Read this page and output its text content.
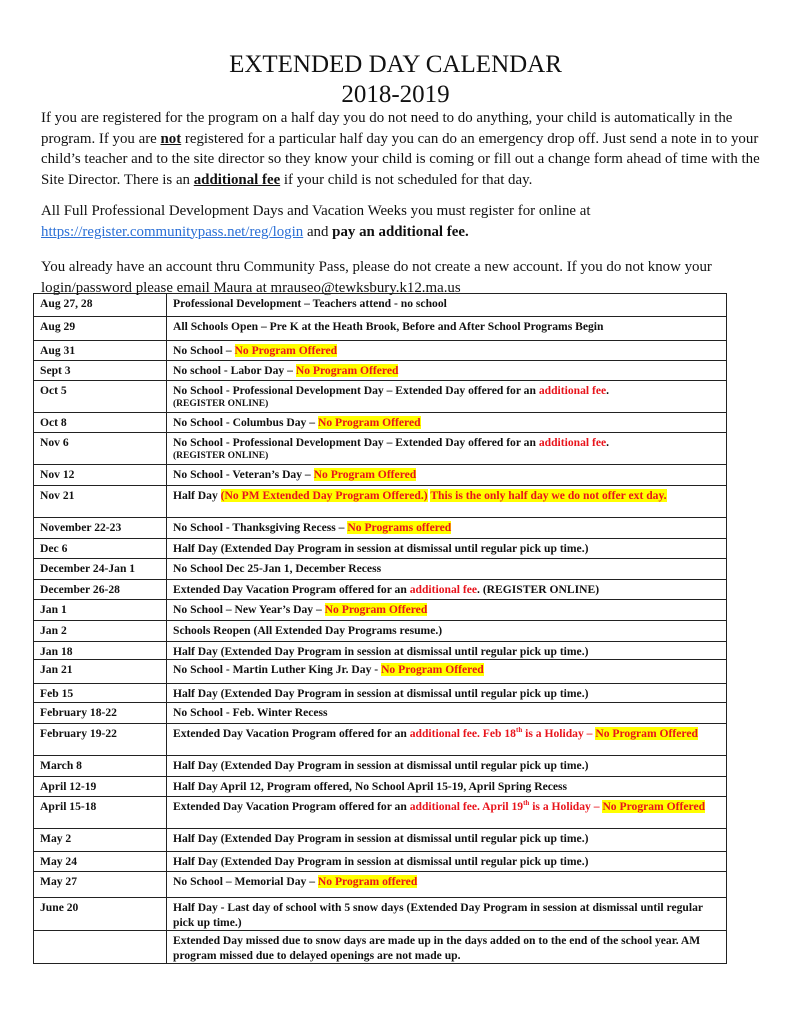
EXTENDED DAY CALENDAR
2018-2019
If you are registered for the program on a half day you do not need to do anything, your child is automatically in the program. If you are not registered for a particular half day you can do an emergency drop off. Just send a note in to your child’s teacher and to the site director so they know your child is coming or fill out a change form ahead of time with the Site Director. There is an additional fee if your child is not scheduled for that day.
All Full Professional Development Days and Vacation Weeks you must register for online at
https://register.communitypass.net/reg/login and pay an additional fee.
You already have an account thru Community Pass, please do not create a new account. If you do not know your login/password please email Maura at mrauseo@tewksbury.k12.ma.us
Aug 27, 28	Professional Development – Teachers attend - no school
Aug 29	All Schools Open – Pre K at the Heath Brook, Before and After School Programs Begin
Aug 31	No School – No Program Offered
Sept 3	No school - Labor Day – No Program Offered
Oct 5	No School - Professional Development Day – Extended Day offered for an additional fee.
(REGISTER ONLINE)

Oct 8	No School - Columbus Day – No Program Offered
Nov 6	No School - Professional Development Day – Extended Day offered for an additional fee.
(REGISTER ONLINE)

Nov 12	No School - Veteran’s Day – No Program Offered
Nov 21	Half Day (No PM Extended Day Program Offered.) This is the only half day we do not offer ext day.
November 22-23	No School - Thanksgiving Recess – No Programs offered
Dec 6	Half Day (Extended Day Program in session at dismissal until regular pick up time.)
December 24-Jan 1	No School Dec 25-Jan 1, December Recess
December 26-28	Extended Day Vacation Program offered for an additional fee. (REGISTER ONLINE)
Jan 1	No School – New Year’s Day – No Program Offered
Jan 2	Schools Reopen (All Extended Day Programs resume.)
Jan 18	Half Day (Extended Day Program in session at dismissal until regular pick up time.)
Jan 21	No School - Martin Luther King Jr. Day - No Program Offered
Feb 15	Half Day (Extended Day Program in session at dismissal until regular pick up time.)
February 18-22	No School - Feb. Winter Recess
February 19-22	Extended Day Vacation Program offered for an additional fee. Feb 18th is a Holiday – No Program Offered
March 8	Half Day (Extended Day Program in session at dismissal until regular pick up time.)
April 12-19	Half Day April 12, Program offered, No School April 15-19, April Spring Recess
April 15-18	Extended Day Vacation Program offered for an additional fee. April 19th is a Holiday – No Program Offered
May 2	Half Day (Extended Day Program in session at dismissal until regular pick up time.)
May 24	Half Day (Extended Day Program in session at dismissal until regular pick up time.)
May 27	No School – Memorial Day – No Program offered
June 20	Half Day - Last day of school with 5 snow days (Extended Day Program in session at dismissal until regular pick up time.)
	Extended Day missed due to snow days are made up in the days added on to the end of the school year. AM program missed due to delayed openings are not made up.
